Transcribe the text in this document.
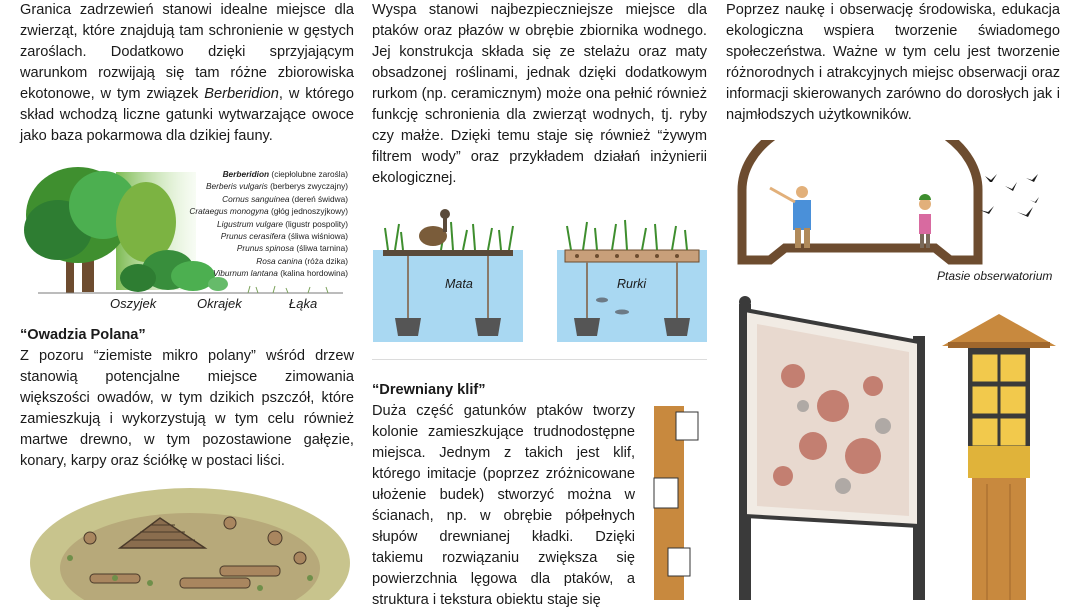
Granica zadrzewień stanowi idealne miejsce dla zwierząt, które znajdują tam schronienie w gęstych zaroślach. Dodatkowo dzięki sprzyjającym warunkom rozwijają się tam różne zbiorowiska ekotonowe, w tym związek Berberidion, w którego skład wchodzą liczne gatunki wytwarzające owoce jako baza pokarmowa dla dzikiej fauny.

Berberidion (ciepłolubne zarośla)
Berberis vulgaris (berberys zwyczajny)
Cornus sanguinea (dereń świdwa)
Crataegus monogyna (głóg jednoszyjkowy)
Ligustrum vulgare (ligustr pospolity)
Prunus cerasifera (śliwa wiśniowa)
Prunus spinosa (śliwa tarnina)
Rosa canina (róża dzika)
Viburnum lantana (kalina hordowina)
Oszyjek	Okrajek	Łąka
“Owadzia Polana”

Z pozoru “ziemiste mikro polany” wśród drzew stanowią potencjalne miejsce zimowania większości owadów, w tym dzikich pszczół, które zamieszkują i wykorzystują w tym celu również martwe drewno, w tym pozostawione gałęzie, konary, karpy oraz ściółkę w postaci liści.

Wyspa stanowi najbezpieczniejsze miejsce dla ptaków oraz płazów w obrębie zbiornika wodnego. Jej konstrukcja składa się ze stelażu oraz maty obsadzonej roślinami, jednak dzięki dodatkowym rurkom (np. ceramicznym) może ona pełnić również funkcję schronienia dla zwierząt wodnych, tj. ryby czy małże. Dzięki temu staje się również “żywym filtrem wody” oraz przykładem działań inżynierii ekologicznej.

Mata	Rurki
“Drewniany klif”

Duża część gatunków ptaków tworzy kolonie zamieszkujące trudnodostępne miejsca. Jednym z takich jest klif, którego imitacje (poprzez zróżnicowane ułożenie budek) stworzyć można w ścianach, np. w obrębie półpełnych słupów drewnianej kładki. Dzięki takiemu rozwiązaniu zwiększa się powierzchnia lęgowa dla ptaków, a struktura i tekstura obiektu staje się

Poprzez naukę i obserwację środowiska, edukacja ekologiczna wspiera tworzenie świadomego społeczeństwa. Ważne w tym celu jest tworzenie różnorodnych i atrakcyjnych miejsc obserwacji oraz informacji skierowanych zarówno do dorosłych jak i najmłodszych użytkowników.

Ptasie obserwatorium
